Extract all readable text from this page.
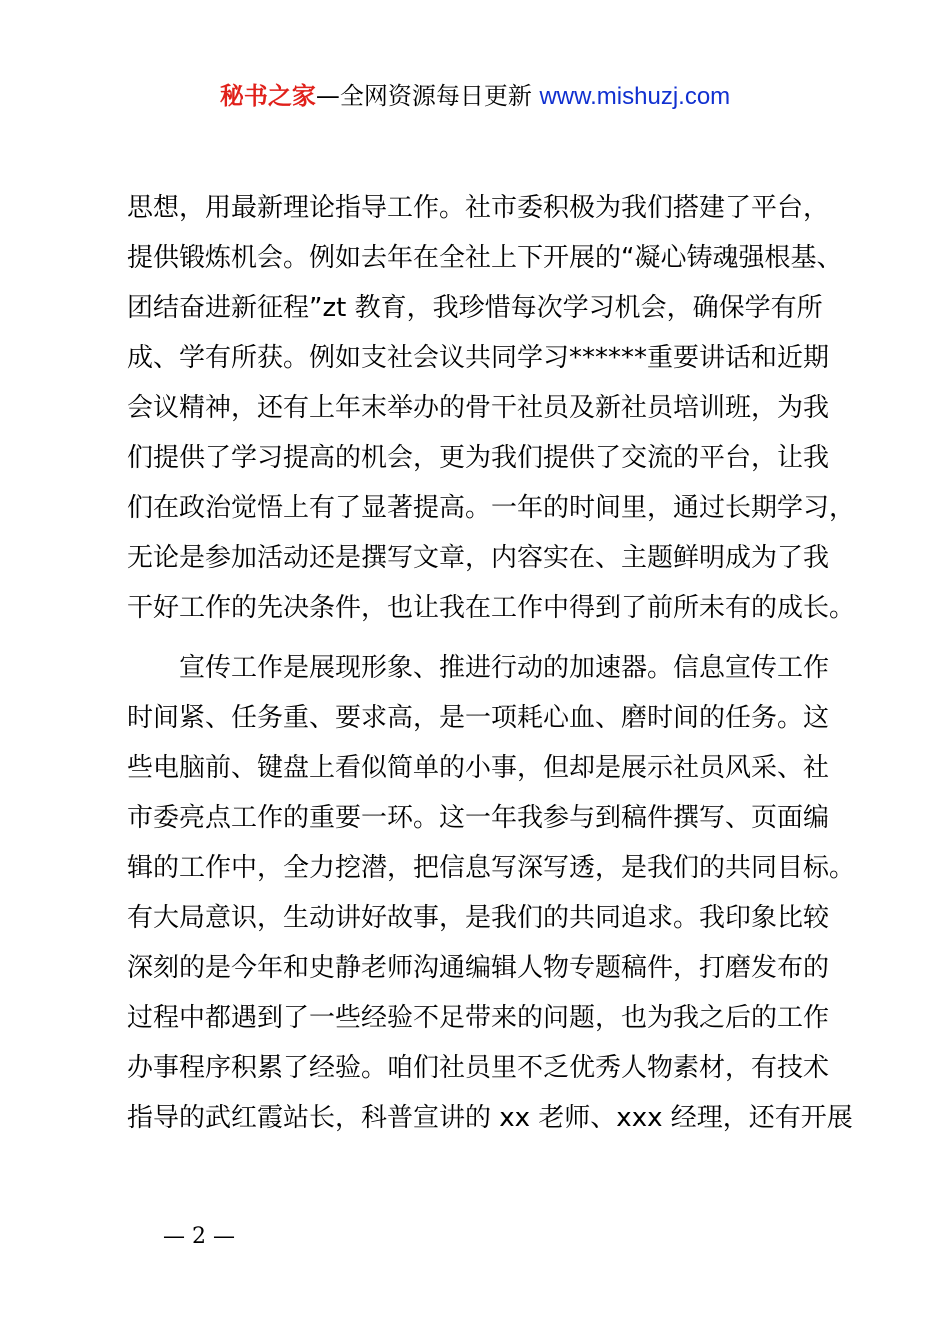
秘书之家—全网资源每日更新 www.mishuzj.com
思想，用最新理论指导工作。社市委积极为我们搭建了平台，
提供锻炼机会。例如去年在全社上下开展的“凝心铸魂强根基、
团结奋进新征程”zt 教育，我珍惜每次学习机会，确保学有所
成、学有所获。例如支社会议共同学习******重要讲话和近期
会议精神，还有上年末举办的骨干社员及新社员培训班，为我
们提供了学习提高的机会，更为我们提供了交流的平台，让我
们在政治觉悟上有了显著提高。一年的时间里，通过长期学习，
无论是参加活动还是撰写文章，内容实在、主题鲜明成为了我
干好工作的先决条件，也让我在工作中得到了前所未有的成长。
　　宣传工作是展现形象、推进行动的加速器。信息宣传工作
时间紧、任务重、要求高，是一项耗心血、磨时间的任务。这
些电脑前、键盘上看似简单的小事，但却是展示社员风采、社
市委亮点工作的重要一环。这一年我参与到稿件撰写、页面编
辑的工作中，全力挖潜，把信息写深写透，是我们的共同目标。
有大局意识，生动讲好故事，是我们的共同追求。我印象比较
深刻的是今年和史静老师沟通编辑人物专题稿件，打磨发布的
过程中都遇到了一些经验不足带来的问题，也为我之后的工作
办事程序积累了经验。咱们社员里不乏优秀人物素材，有技术
指导的武红霞站长，科普宣讲的 xx 老师、xxx 经理，还有开展
— 2 —
